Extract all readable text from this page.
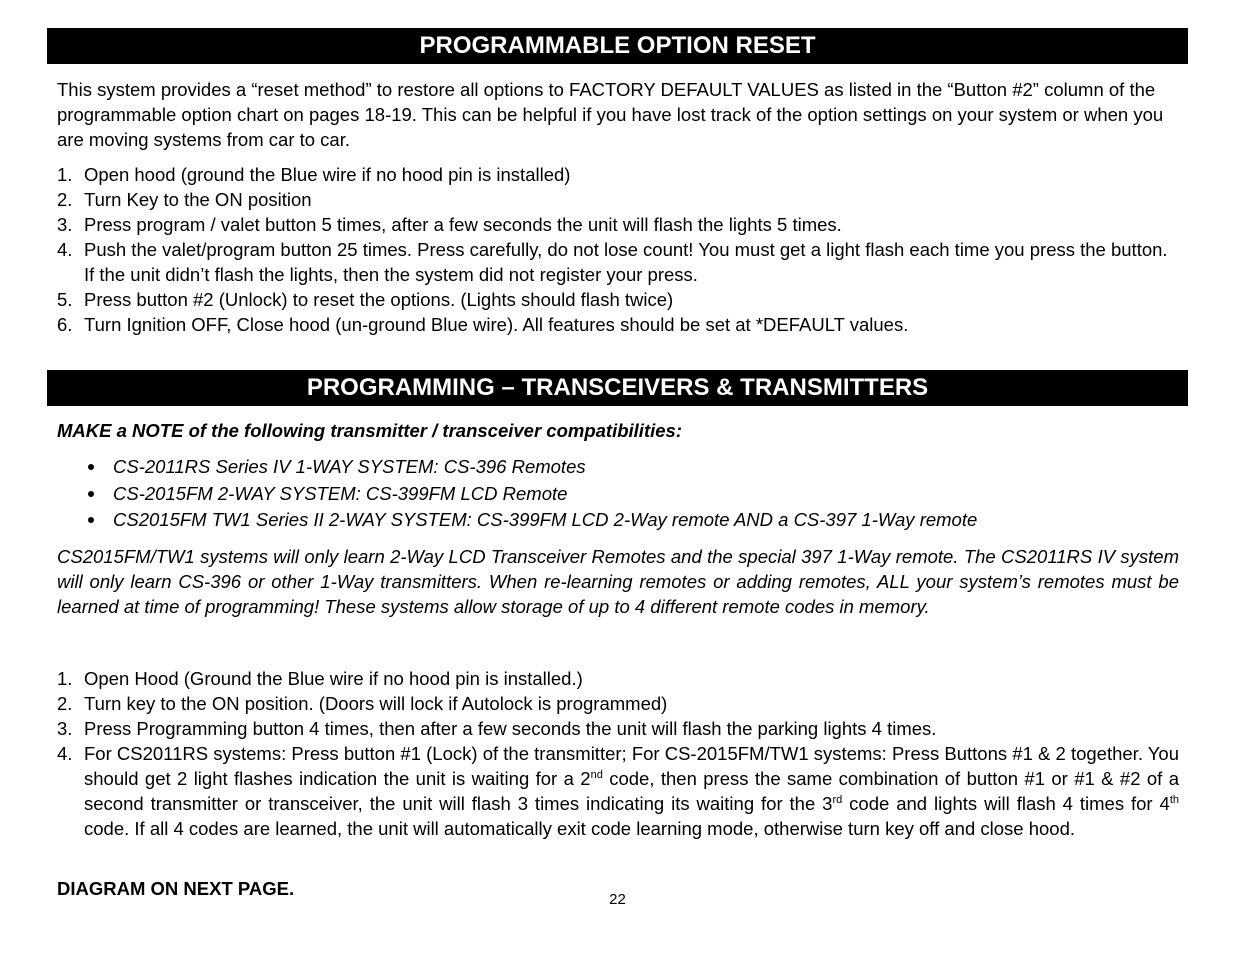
PROGRAMMABLE OPTION RESET

This system provides a “reset method” to restore all options to FACTORY DEFAULT VALUES as listed in the “Button #2” column of the programmable option chart on pages 18-19. This can be helpful if you have lost track of the option settings on your system or when you are moving systems from car to car.

1. Open hood (ground the Blue wire if no hood pin is installed)
2. Turn Key to the ON position
3. Press program / valet button 5 times, after a few seconds the unit will flash the lights 5 times.
4. Push the valet/program button 25 times. Press carefully, do not lose count! You must get a light flash each time you press the button. If the unit didn’t flash the lights, then the system did not register your press.
5. Press button #2 (Unlock) to reset the options. (Lights should flash twice)
6. Turn Ignition OFF, Close hood (un-ground Blue wire). All features should be set at *DEFAULT values.
PROGRAMMING – TRANSCEIVERS & TRANSMITTERS

MAKE a NOTE of the following transmitter / transceiver compatibilities:

CS-2011RS Series IV 1-WAY SYSTEM: CS-396 Remotes
CS-2015FM 2-WAY SYSTEM: CS-399FM LCD Remote
CS2015FM TW1 Series II 2-WAY SYSTEM: CS-399FM LCD 2-Way remote AND a CS-397 1-Way remote

CS2015FM/TW1 systems will only learn 2-Way LCD Transceiver Remotes and the special 397 1-Way remote. The CS2011RS IV system will only learn CS-396 or other 1-Way transmitters. When re-learning remotes or adding remotes, ALL your system’s remotes must be learned at time of programming! These systems allow storage of up to 4 different remote codes in memory.

1. Open Hood (Ground the Blue wire if no hood pin is installed.)
2. Turn key to the ON position. (Doors will lock if Autolock is programmed)
3. Press Programming button 4 times, then after a few seconds the unit will flash the parking lights 4 times.
4. For CS2011RS systems: Press button #1 (Lock) of the transmitter; For CS-2015FM/TW1 systems: Press Buttons #1 & 2 together. You should get 2 light flashes indication the unit is waiting for a 2nd code, then press the same combination of button #1 or #1 & #2 of a second transmitter or transceiver, the unit will flash 3 times indicating its waiting for the 3rd code and lights will flash 4 times for 4th code. If all 4 codes are learned, the unit will automatically exit code learning mode, otherwise turn key off and close hood.
DIAGRAM ON NEXT PAGE.
22
